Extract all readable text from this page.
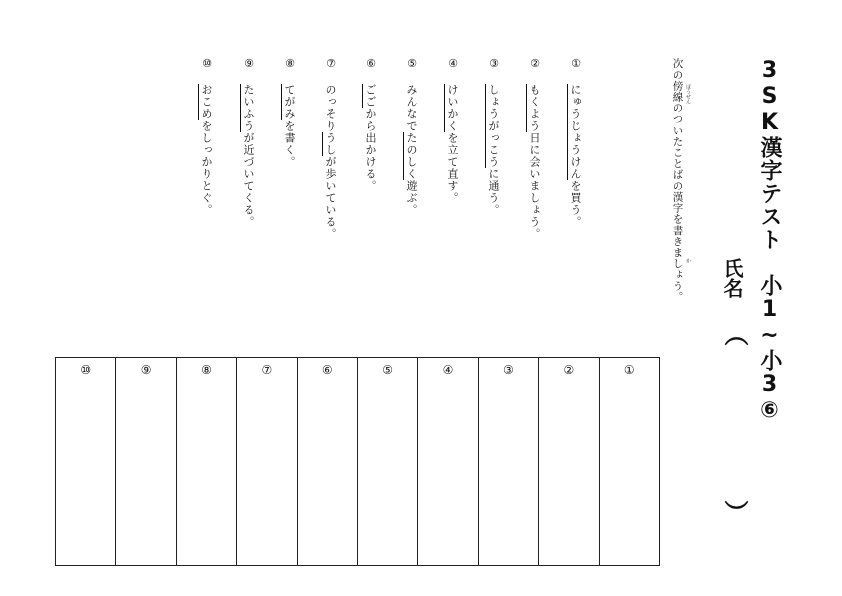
3SK漢字テスト　小1~小3⑥
氏名
（
）
次の傍線のついたことばの漢字を書きましょう。
ぼうせん
か
①
にゅうじょうけんを買う。
②
もくよう日に会いましょう。
③
しょうがっこうに通う。
④
けいかくを立て直す。
⑤
みんなでたのしく遊ぶ。
⑥
ごごから出かける。
⑦
のっそりうしが歩いている。
⑧
てがみを書く。
⑨
たいふうが近づいてくる。
⑩
おこめをしっかりとぐ。
⑩	⑨	⑧	⑦	⑥	⑤	④	③	②	①
